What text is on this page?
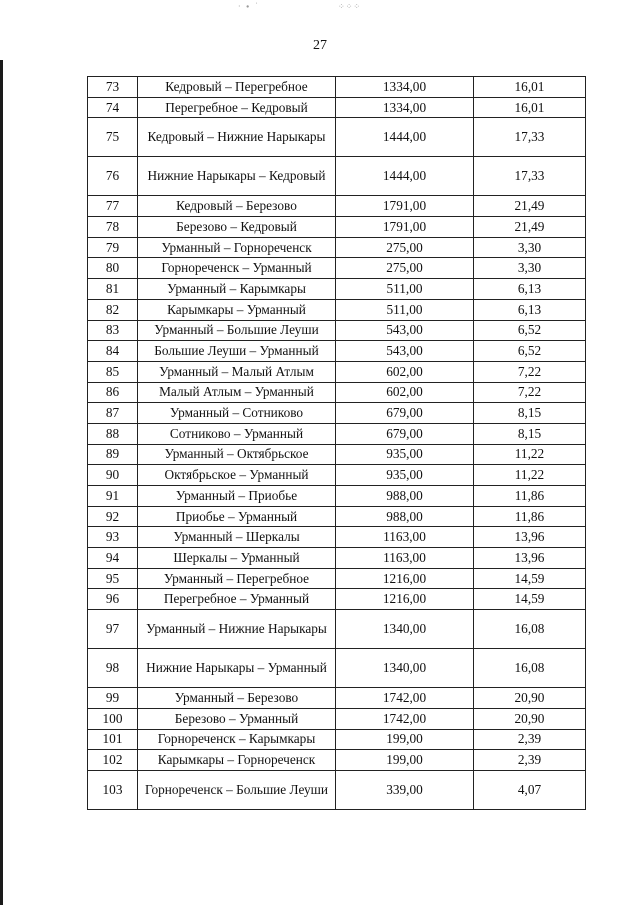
· ∙ ˙	⁘⁘⁘
27
73	Кедровый – Перегребное	1334,00	16,01
74	Перегребное – Кедровый	1334,00	16,01
75	Кедровый – Нижние Нарыкары	1444,00	17,33
76	Нижние Нарыкары – Кедровый	1444,00	17,33
77	Кедровый – Березово	1791,00	21,49
78	Березово – Кедровый	1791,00	21,49
79	Урманный – Горнореченск	275,00	3,30
80	Горнореченск – Урманный	275,00	3,30
81	Урманный – Карымкары	511,00	6,13
82	Карымкары – Урманный	511,00	6,13
83	Урманный – Большие Леуши	543,00	6,52
84	Большие Леуши – Урманный	543,00	6,52
85	Урманный – Малый Атлым	602,00	7,22
86	Малый Атлым – Урманный	602,00	7,22
87	Урманный – Сотниково	679,00	8,15
88	Сотниково – Урманный	679,00	8,15
89	Урманный – Октябрьское	935,00	11,22
90	Октябрьское – Урманный	935,00	11,22
91	Урманный – Приобье	988,00	11,86
92	Приобье – Урманный	988,00	11,86
93	Урманный – Шеркалы	1163,00	13,96
94	Шеркалы – Урманный	1163,00	13,96
95	Урманный – Перегребное	1216,00	14,59
96	Перегребное – Урманный	1216,00	14,59
97	Урманный – Нижние Нарыкары	1340,00	16,08
98	Нижние Нарыкары – Урманный	1340,00	16,08
99	Урманный – Березово	1742,00	20,90
100	Березово – Урманный	1742,00	20,90
101	Горнореченск – Карымкары	199,00	2,39
102	Карымкары – Горнореченск	199,00	2,39
103	Горнореченск – Большие Леуши	339,00	4,07
